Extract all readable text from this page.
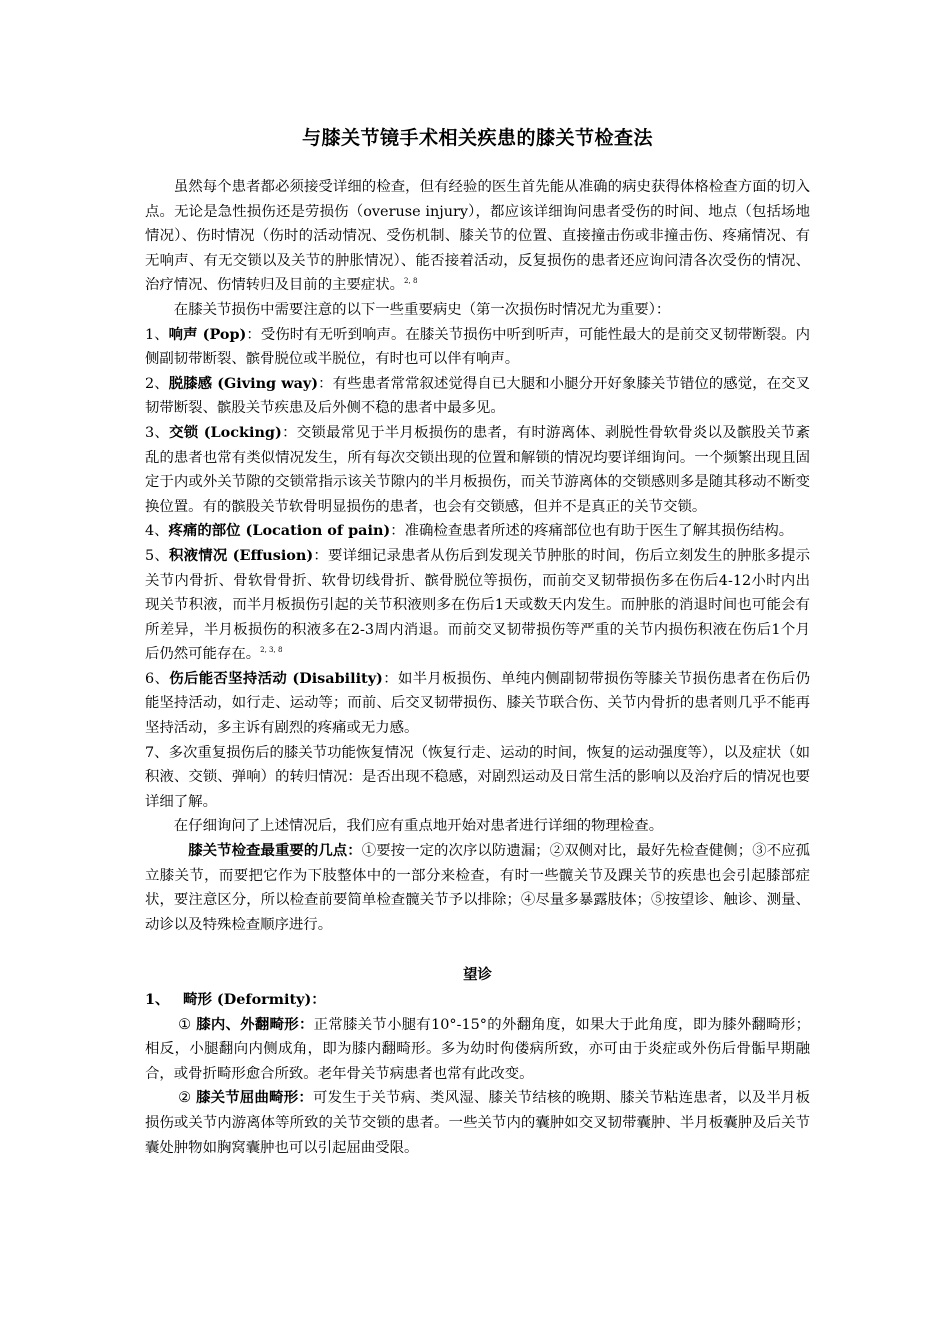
与膝关节镜手术相关疾患的膝关节检查法

虽然每个患者都必须接受详细的检查，但有经验的医生首先能从准确的病史获得体格检查方面的切入点。无论是急性损伤还是劳损伤（overuse injury），都应该详细询问患者受伤的时间、地点（包括场地情况）、伤时情况（伤时的活动情况、受伤机制、膝关节的位置、直接撞击伤或非撞击伤、疼痛情况、有无响声、有无交锁以及关节的肿胀情况）、能否接着活动，反复损伤的患者还应询问清各次受伤的情况、治疗情况、伤情转归及目前的主要症状。$^{2, 8}$

在膝关节损伤中需要注意的以下一些重要病史（第一次损伤时情况尤为重要）：

1、响声 (Pop)：受伤时有无听到响声。在膝关节损伤中听到听声，可能性最大的是前交叉韧带断裂。内侧副韧带断裂、髌骨脱位或半脱位，有时也可以伴有响声。

2、脱膝感 (Giving way)：有些患者常常叙述觉得自已大腿和小腿分开好象膝关节错位的感觉，在交叉韧带断裂、髌股关节疾患及后外侧不稳的患者中最多见。

3、交锁 (Locking)：交锁最常见于半月板损伤的患者，有时游离体、剥脱性骨软骨炎以及髌股关节紊乱的患者也常有类似情况发生，所有每次交锁出现的位置和解锁的情况均要详细询问。一个频繁出现且固定于内或外关节隙的交锁常指示该关节隙内的半月板损伤，而关节游离体的交锁感则多是随其移动不断变换位置。有的髌股关节软骨明显损伤的患者，也会有交锁感，但并不是真正的关节交锁。

4、疼痛的部位 (Location of pain)：准确检查患者所述的疼痛部位也有助于医生了解其损伤结构。

5、积液情况 (Effusion)：要详细记录患者从伤后到发现关节肿胀的时间，伤后立刻发生的肿胀多提示关节内骨折、骨软骨骨折、软骨切线骨折、髌骨脱位等损伤，而前交叉韧带损伤多在伤后4-12小时内出现关节积液，而半月板损伤引起的关节积液则多在伤后1天或数天内发生。而肿胀的消退时间也可能会有所差异，半月板损伤的积液多在2-3周内消退。而前交叉韧带损伤等严重的关节内损伤积液在伤后1个月后仍然可能存在。$^{2, 3, 8}$

6、伤后能否坚持活动 (Disability)：如半月板损伤、单纯内侧副韧带损伤等膝关节损伤患者在伤后仍能坚持活动，如行走、运动等；而前、后交叉韧带损伤、膝关节联合伤、关节内骨折的患者则几乎不能再坚持活动，多主诉有剧烈的疼痛或无力感。

7、多次重复损伤后的膝关节功能恢复情况（恢复行走、运动的时间，恢复的运动强度等），以及症状（如积液、交锁、弹响）的转归情况：是否出现不稳感，对剧烈运动及日常生活的影响以及治疗后的情况也要详细了解。

在仔细询问了上述情况后，我们应有重点地开始对患者进行详细的物理检查。

膝关节检查最重要的几点：①要按一定的次序以防遗漏；②双侧对比，最好先检查健侧；③不应孤立膝关节，而要把它作为下肢整体中的一部分来检查，有时一些髋关节及踝关节的疾患也会引起膝部症状，要注意区分，所以检查前要简单检查髋关节予以排除；④尽量多暴露肢体；⑤按望诊、触诊、测量、动诊以及特殊检查顺序进行。

望诊

1、 畸形 (Deformity)：

① 膝内、外翻畸形：正常膝关节小腿有10°-15°的外翻角度，如果大于此角度，即为膝外翻畸形；相反，小腿翻向内侧成角，即为膝内翻畸形。多为幼时佝偻病所致，亦可由于炎症或外伤后骨骺早期融合，或骨折畸形愈合所致。老年骨关节病患者也常有此改变。

② 膝关节屈曲畸形：可发生于关节病、类风湿、膝关节结核的晚期、膝关节粘连患者，以及半月板损伤或关节内游离体等所致的关节交锁的患者。一些关节内的囊肿如交叉韧带囊肿、半月板囊肿及后关节囊处肿物如胸窝囊肿也可以引起屈曲受限。
